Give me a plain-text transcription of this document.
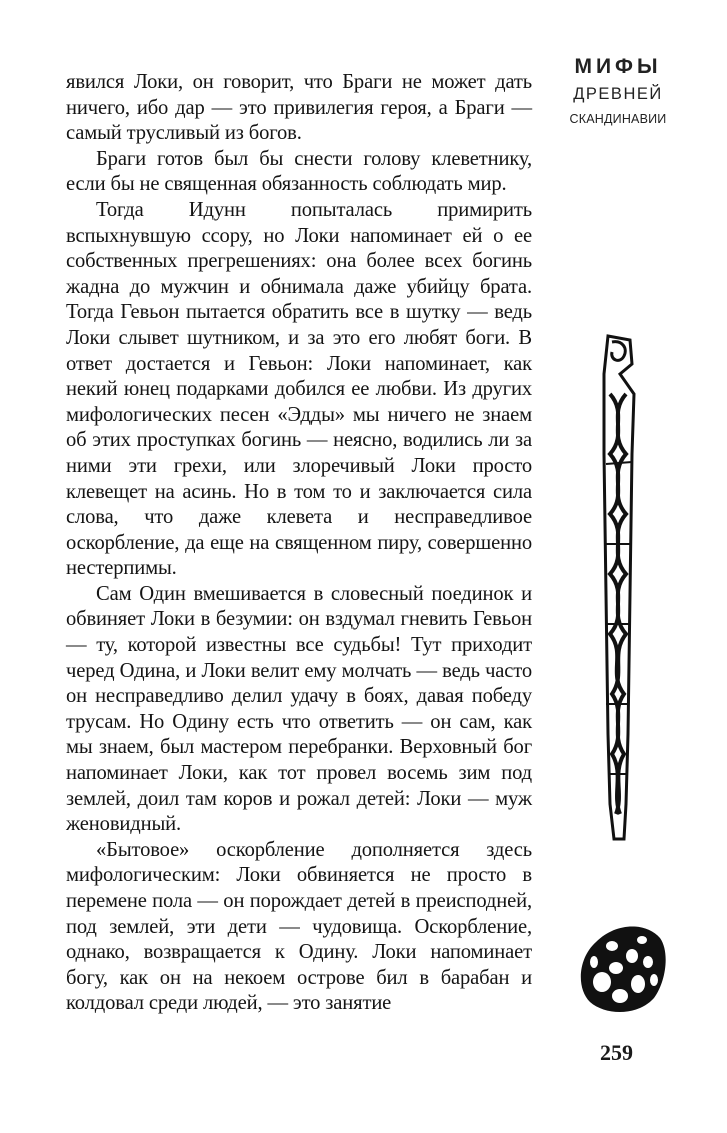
явился Локи, он говорит, что Браги не может дать ничего, ибо дар — это привилегия героя, а Браги — самый трусливый из богов.

Браги готов был бы снести голову клеветнику, если бы не священная обязанность соблюдать мир.

Тогда Идунн попыталась примирить вспыхнувшую ссору, но Локи напоминает ей о ее собственных прегрешениях: она более всех богинь жадна до мужчин и обнимала даже убийцу брата. Тогда Гевьон пытается обратить все в шутку — ведь Локи слывет шутником, и за это его любят боги. В ответ достается и Гевьон: Локи напоминает, как некий юнец подарками добился ее любви. Из других мифологических песен «Эдды» мы ничего не знаем об этих проступках богинь — неясно, водились ли за ними эти грехи, или злоречивый Локи просто клевещет на асинь. Но в том то и заключается сила слова, что даже клевета и несправедливое оскорбление, да еще на священном пиру, совершенно нестерпимы.

Сам Один вмешивается в словесный поединок и обвиняет Локи в безумии: он вздумал гневить Гевьон — ту, которой известны все судьбы! Тут приходит черед Одина, и Локи велит ему молчать — ведь часто он несправедливо делил удачу в боях, давая победу трусам. Но Одину есть что ответить — он сам, как мы знаем, был мастером перебранки. Верховный бог напоминает Локи, как тот провел восемь зим под землей, доил там коров и рожал детей: Локи — муж женовидный.

«Бытовое» оскорбление дополняется здесь мифологическим: Локи обвиняется не просто в перемене пола — он порождает детей в преисподней, под землей, эти дети — чудовища. Оскорбление, однако, возвращается к Одину. Локи напоминает богу, как он на некоем острове бил в барабан и колдовал среди людей, — это занятие

МИФЫ
ДРЕВНЕЙ
СКАНДИНАВИИ
259
